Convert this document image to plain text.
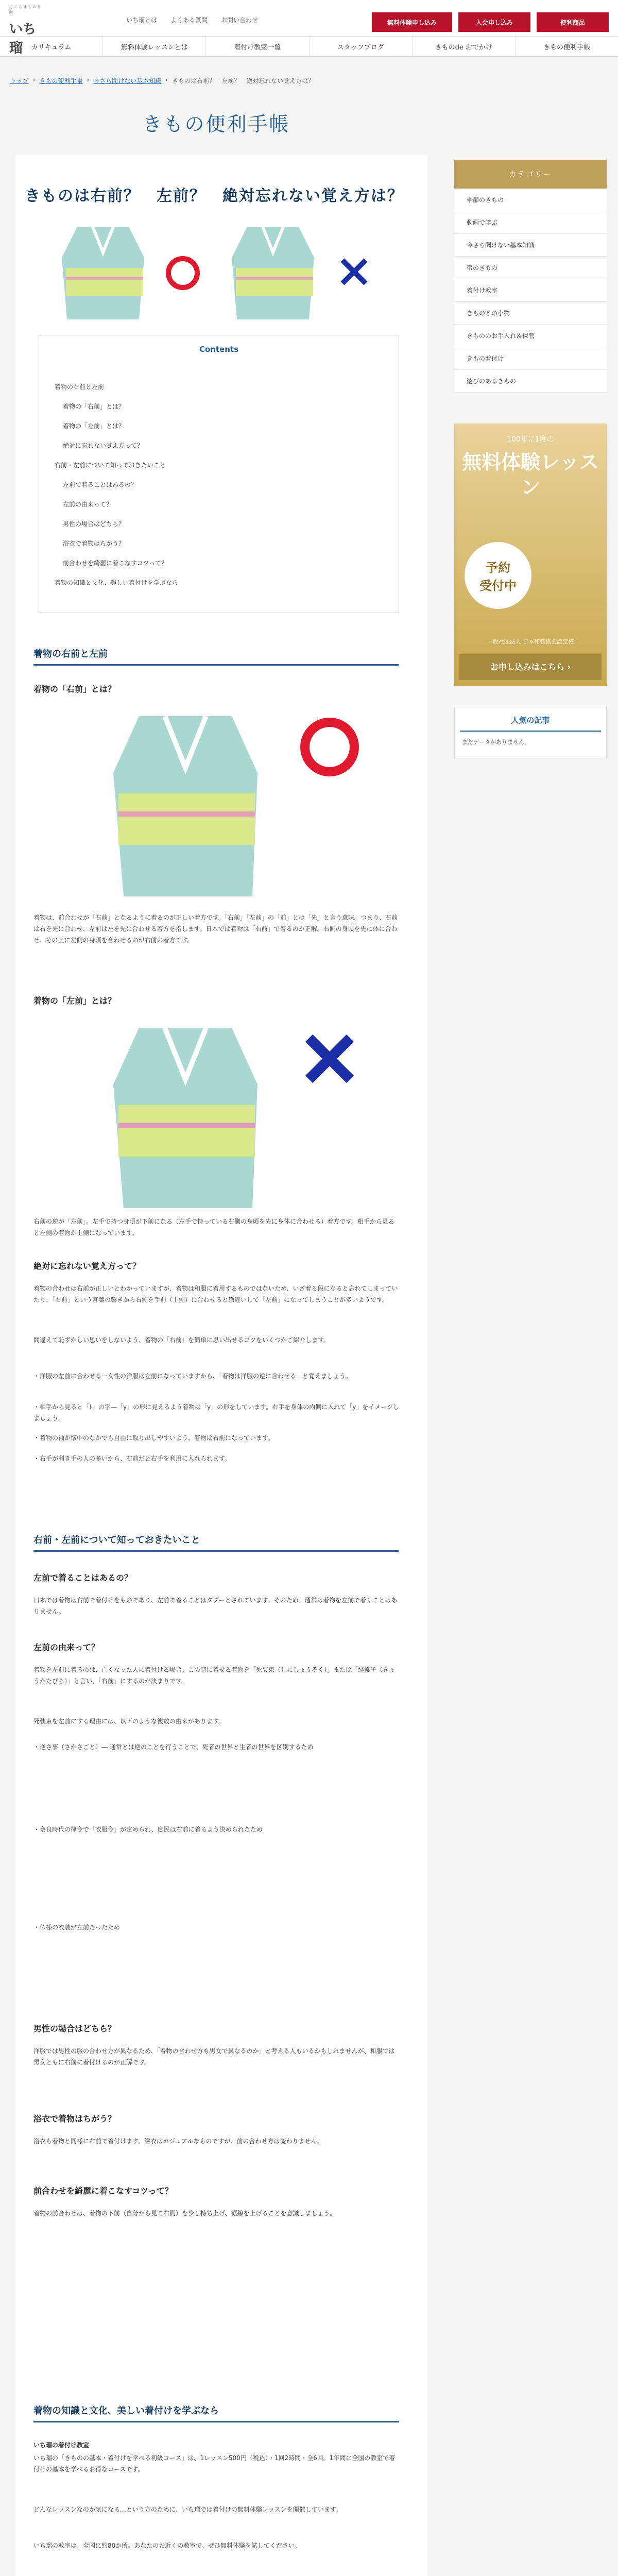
さくらきもの学院
いち瑠
いち瑠とは よくある質問 お問い合わせ	無料体験申し込み	入会申し込み	便利商品
カリキュラム	無料体験レッスンとは	着付け教室一覧	スタッフブログ	きものde おでかけ	きもの便利手帳
トップ › きもの便利手帳 › 今さら聞けない基本知識 › きものは右前？　左前？　絶対忘れない覚え方は？
きもの便利手帳
きものは右前？　左前？　絶対忘れない覚え方は？
Contents
着物の右前と左前
着物の「右前」とは？
着物の「左前」とは？
絶対に忘れない覚え方って？
右前・左前について知っておきたいこと
左前で着ることはあるの？
左前の由来って？
男性の場合はどちら？
浴衣で着物はちがう？
前合わせを綺麗に着こなすコツって？
着物の知識と文化、美しい着付けを学ぶなら
着物の右前と左前
着物の「右前」とは？
着物は、前合わせが「右前」となるように着るのが正しい着方です。「右前」「左前」の「前」とは「先」と言う意味。つまり、右前は右を先に合わせ、左前は左を先に合わせる着方を指します。日本では着物は「右前」で着るのが正解。右側の身頃を先に体に合わせ、その上に左側の身頃を合わせるのが右前の着方です。
着物の「左前」とは？
右前の逆が「左前」。左手で持つ身頃が下前になる（左手で持っている右側の身頃を先に身体に合わせる）着方です。相手から見ると左側の着物が上側になっています。
絶対に忘れない覚え方って？
着物の合わせは右前が正しいとわかっていますが、着物は和服に着用するものではないため、いざ着る段になると忘れてしまっていたり、「右前」という言葉の響きから右側を手前（上側）に合わせると勘違いして「左前」になってしまうことが多いようです。
間違えて恥ずかしい思いをしないよう、着物の「右前」を簡単に思い出せるコツをいくつかご紹介します。
・洋服の左前に合わせる一女性の洋服は左前になっていますから、「着物は洋服の逆に合わせる」と覚えましょう。
・相手から見ると「ﾄ」の字—「y」の形に見えるよう着物は「y」の形をしています。右手を身体の内側に入れて「y」をイメージしましょう。
・着物の袖が懐中のなかでも自由に取り出しやすいよう、着物は右前になっています。
・右手が利き手の人の多いから、右前だと右手を利用に入れられます。
右前・左前について知っておきたいこと
左前で着ることはあるの？
日本では着物は右前で着付けをものであり、左前で着ることはタブーとされています。そのため、通常は着物を左前で着ることはありません。
左前の由来って？
着物を左前に着るのは、亡くなった人に着付ける場合。この時に着せる着物を「死装束（しにしょうぞく）」または「経帷子（きょうかたびら）」と言い、「右前」にするのが決まりです。
死装束を左前にする理由には、以下のような複数の由来があります。
・逆さ事（さかさごと）― 通常とは逆のことを行うことで、死者の世界と生者の世界を区別するため
・奈良時代の律令で「衣服令」が定められ、庶民は右前に着るよう決められたため
・仏様の衣装が左前だったため
男性の場合はどちら？
洋服では男性の服の合わせ方が異なるため、「着物の合わせ方も男女で異なるのか」と考える人もいるかもしれませんが、和服では男女ともに右前に着付けるのが正解です。
浴衣で着物はちがう？
浴衣も着物と同様に右前で着付けます。浴衣はカジュアルなものですが、前の合わせ方は変わりません。
前合わせを綺麗に着こなすコツって？
着物の前合わせは、着物の下前（自分から見て右側）を少し持ち上げ、裾線を上げることを意識しましょう。
着物の知識と文化、美しい着付けを学ぶなら
いち瑠の着付け教室
いち瑠の「きものの基本・着付けを学べる初級コース」は、1レッスン500円（税込）・1回2時間・全6回。1年間に全国の教室で着付けの基本を学べるお得なコースです。
どんなレッスンなのか気になる…という方のために、いち瑠では着付けの無料体験レッスンを開催しています。
いち瑠の教室は、全国に約80か所。あなたのお近くの教室で、ぜひ無料体験を試してください。
カテゴリー
季節のきもの
動画で学ぶ
今さら聞けない基本知識
帯のきもの
着付け教室
きものとの小物
きもののお手入れ＆保管
きもの着付け
遊びのあるきもの
100年に1度の
無料体験レッスン
予約
受付中
一般社団法人 日本和装協会認定校
お申し込みはこちら ›
人気の記事
まだデータがありません。
